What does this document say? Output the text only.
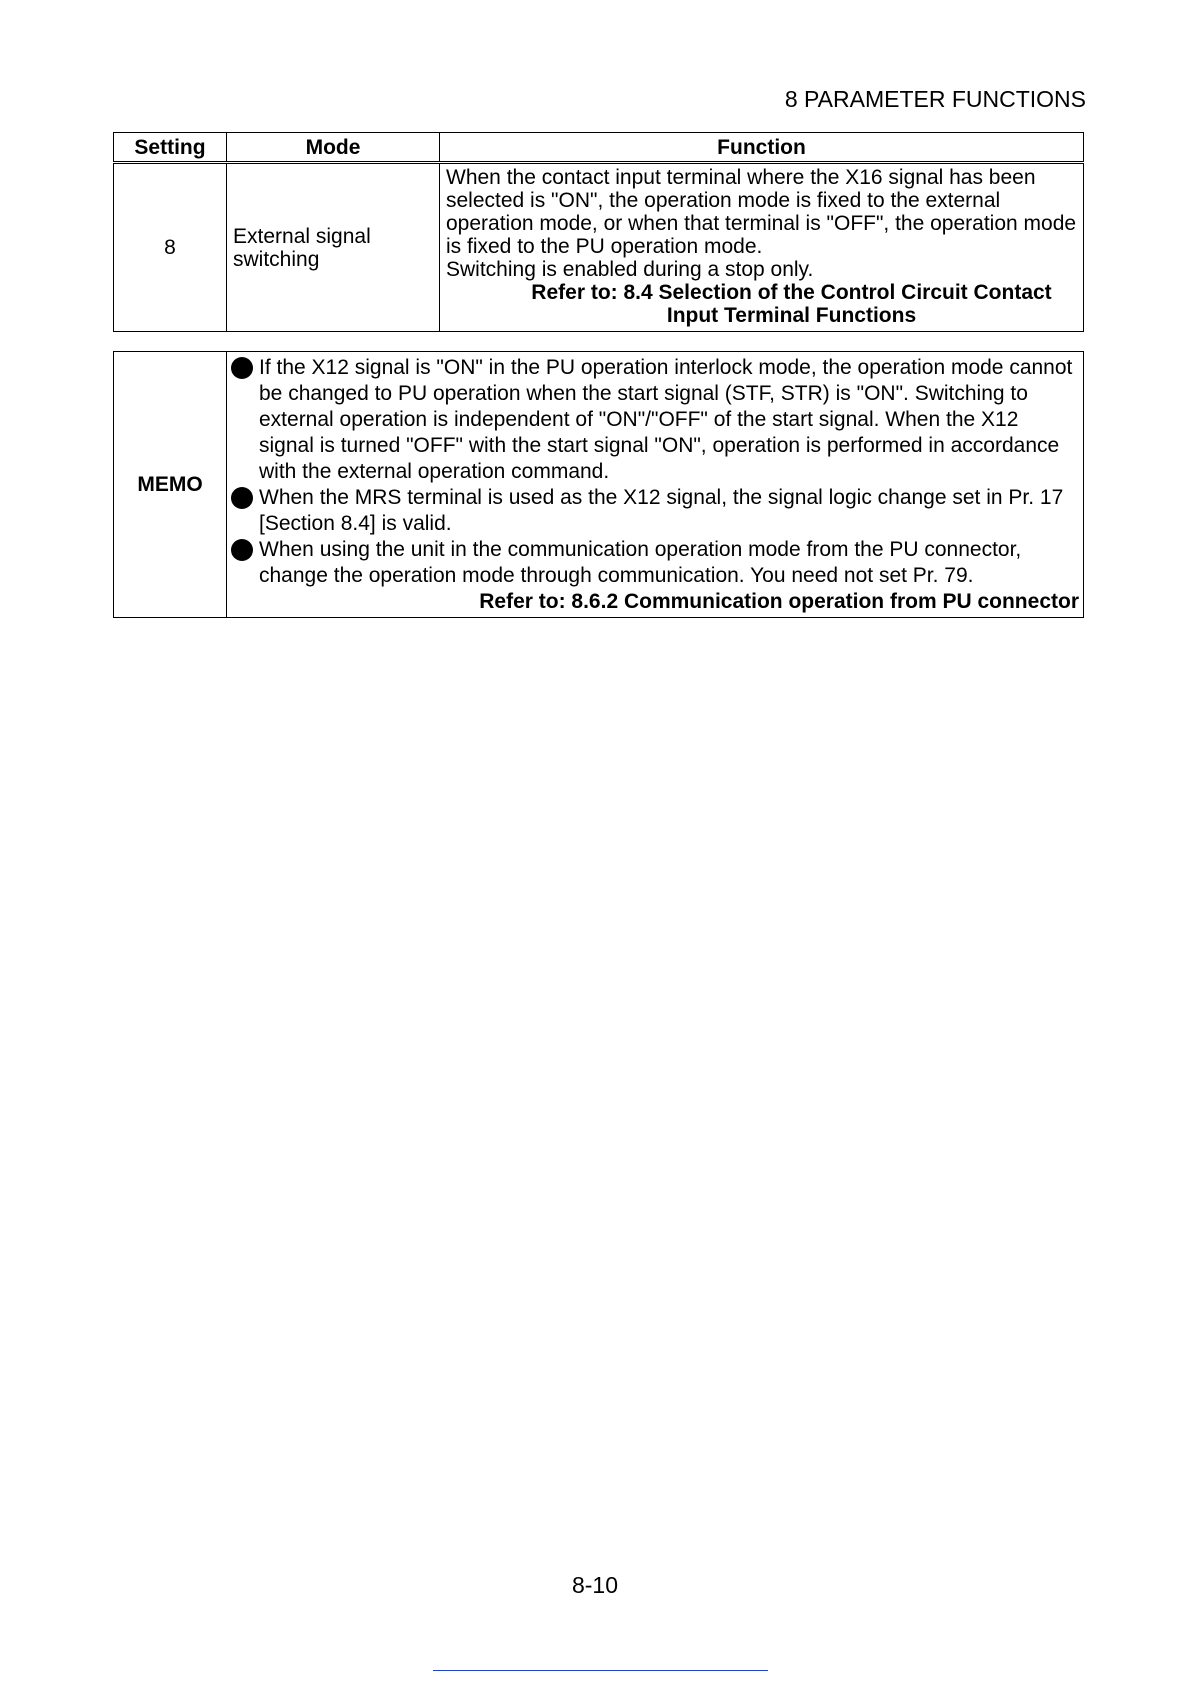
8 PARAMETER FUNCTIONS
Setting	Mode	Function
8	External signal switching	When the contact input terminal where the X16 signal has been selected is "ON", the operation mode is fixed to the external operation mode, or when that terminal is "OFF", the operation mode is fixed to the PU operation mode.
Switching is enabled during a stop only.
Refer to: 8.4 Selection of the Control Circuit Contact Input Terminal Functions
MEMO	
If the X12 signal is "ON" in the PU operation interlock mode, the operation mode cannot be changed to PU operation when the start signal (STF, STR) is "ON". Switching to external operation is independent of "ON"/"OFF" of the start signal. When the X12 signal is turned "OFF" with the start signal "ON", operation is performed in accordance with the external operation command.
When the MRS terminal is used as the X12 signal, the signal logic change set in Pr. 17 [Section 8.4] is valid.
When using the unit in the communication operation mode from the PU connector, change the operation mode through communication. You need not set Pr. 79.
Refer to: 8.6.2 Communication operation from PU connector
8-10
